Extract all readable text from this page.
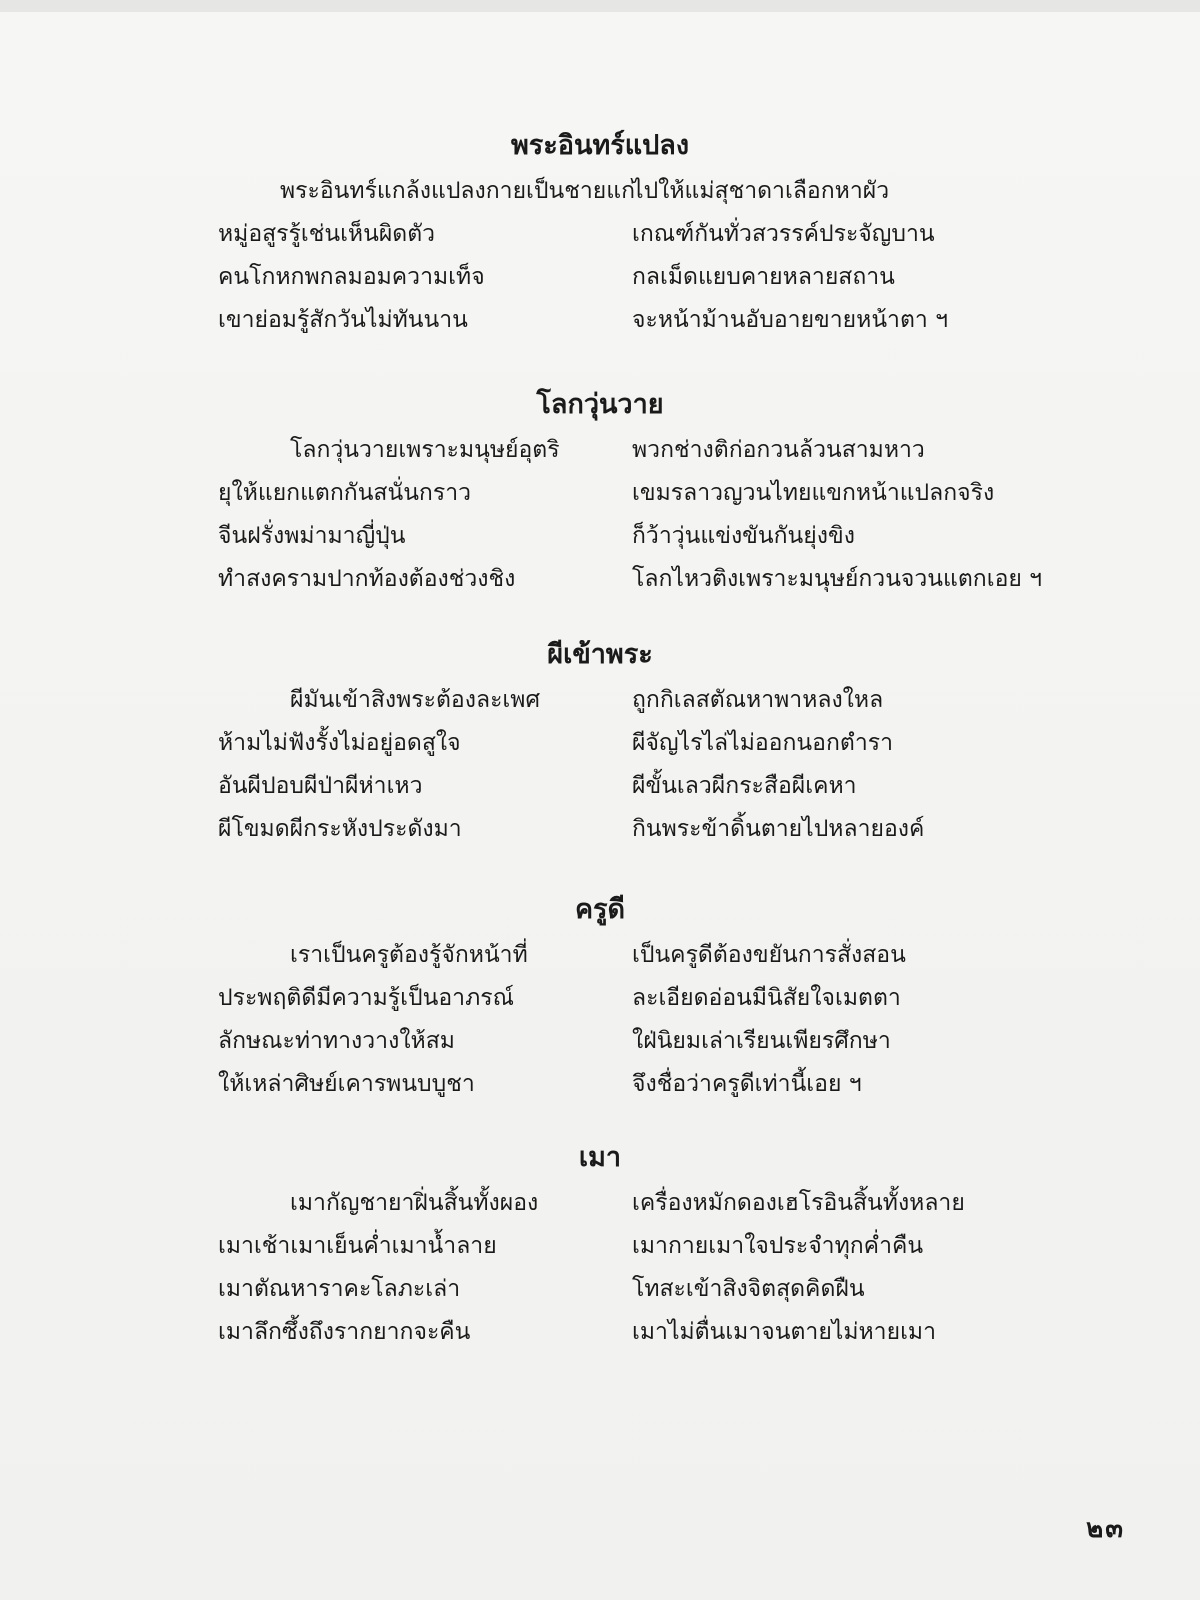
พระอินทร์แปลง
พระอินทร์แกล้งแปลงกายเป็นชายแก่
ไปให้แม่สุชาดาเลือกหาผัว
หมู่อสูรรู้เช่นเห็นผิดตัว	เกณฑ์กันทั่วสวรรค์ประจัญบาน
คนโกหกพกลมอมความเท็จ	กลเม็ดแยบคายหลายสถาน
เขาย่อมรู้สักวันไม่ทันนาน	จะหน้าม้านอับอายขายหน้าตา ฯ
โลกวุ่นวาย
โลกวุ่นวายเพราะมนุษย์อุตริ	พวกช่างติก่อกวนล้วนสามหาว
ยุให้แยกแตกกันสนั่นกราว	เขมรลาวญวนไทยแขกหน้าแปลกจริง
จีนฝรั่งพม่ามาญี่ปุ่น	ก็ว้าวุ่นแข่งขันกันยุ่งขิง
ทำสงครามปากท้องต้องช่วงชิง	โลกไหวติงเพราะมนุษย์กวนจวนแตกเอย ฯ
ผีเข้าพระ
ผีมันเข้าสิงพระต้องละเพศ	ถูกกิเลสตัณหาพาหลงใหล
ห้ามไม่ฟังรั้งไม่อยู่อดสูใจ	ผีจัญไรไล่ไม่ออกนอกตำรา
อันผีปอบผีป่าผีห่าเหว	ผีขั้นเลวผีกระสือผีเคหา
ผีโขมดผีกระหังประดังมา	กินพระข้าดิ้นตายไปหลายองค์
ครูดี
เราเป็นครูต้องรู้จักหน้าที่	เป็นครูดีต้องขยันการสั่งสอน
ประพฤติดีมีความรู้เป็นอาภรณ์	ละเอียดอ่อนมีนิสัยใจเมตตา
ลักษณะท่าทางวางให้สม	ใฝ่นิยมเล่าเรียนเพียรศึกษา
ให้เหล่าศิษย์เคารพนบบูชา	จึงชื่อว่าครูดีเท่านี้เอย ฯ
เมา
เมากัญชายาฝิ่นสิ้นทั้งผอง	เครื่องหมักดองเฮโรอินสิ้นทั้งหลาย
เมาเช้าเมาเย็นค่ำเมาน้ำลาย	เมากายเมาใจประจำทุกค่ำคืน
เมาตัณหาราคะโลภะเล่า	โทสะเข้าสิงจิตสุดคิดฝืน
เมาลึกซึ้งถึงรากยากจะคืน	เมาไม่ตื่นเมาจนตายไม่หายเมา
๒๓
